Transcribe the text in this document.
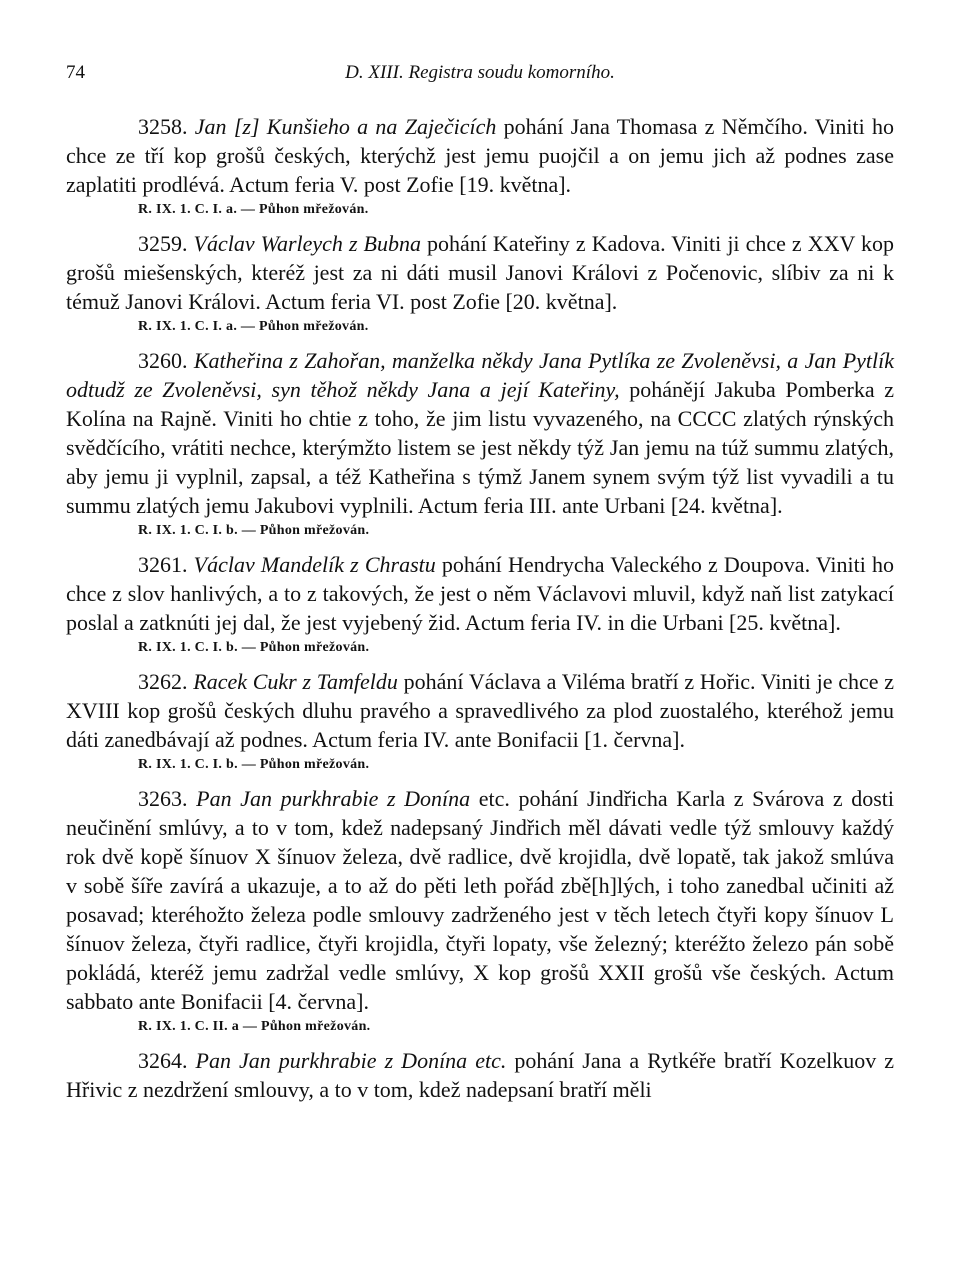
74	D. XIII. Registra soudu komorního.

3258. Jan [z] Kunšieho a na Zaječicích pohání Jana Thomasa z Němčího. Viniti ho chce ze tří kop grošů českých, kterýchž jest jemu puojčil a on jemu jich až podnes zase zaplatiti prodlévá. Actum feria V. post Zofie [19. května].

R. IX. 1. C. I. a. — Půhon mřežován.

3259. Václav Warleych z Bubna pohání Kateřiny z Kadova. Viniti ji chce z XXV kop grošů miešenských, kteréž jest za ni dáti musil Janovi Královi z Počenovic, slíbiv za ni k témuž Janovi Královi. Actum feria VI. post Zofie [20. května].

R. IX. 1. C. I. a. — Půhon mřežován.

3260. Katheřina z Zahořan, manželka někdy Jana Pytlíka ze Zvoleněvsi, a Jan Pytlík odtudž ze Zvoleněvsi, syn těhož někdy Jana a její Kateřiny, pohánějí Jakuba Pomberka z Kolína na Rajně. Viniti ho chtie z toho, že jim listu vyvazeného, na CCCC zlatých rýnských svědčícího, vrátiti nechce, kterýmžto listem se jest někdy týž Jan jemu na túž summu zlatých, aby jemu ji vyplnil, zapsal, a též Katheřina s týmž Janem synem svým týž list vyvadili a tu summu zlatých jemu Jakubovi vyplnili. Actum feria III. ante Urbani [24. května].

R. IX. 1. C. I. b. — Půhon mřežován.

3261. Václav Mandelík z Chrastu pohání Hendrycha Valeckého z Doupova. Viniti ho chce z slov hanlivých, a to z takových, že jest o něm Václavovi mluvil, když naň list zatykací poslal a zatknúti jej dal, že jest vyjebený žid. Actum feria IV. in die Urbani [25. května].

R. IX. 1. C. I. b. — Půhon mřežován.

3262. Racek Cukr z Tamfeldu pohání Václava a Viléma bratří z Hořic. Viniti je chce z XVIII kop grošů českých dluhu pravého a spravedlivého za plod zuostalého, kteréhož jemu dáti zanedbávají až podnes. Actum feria IV. ante Bonifacii [1. června].

R. IX. 1. C. I. b. — Půhon mřežován.

3263. Pan Jan purkhrabie z Donína etc. pohání Jindřicha Karla z Svárova z dosti neučinění smlúvy, a to v tom, kdež nadepsaný Jindřich měl dávati vedle týž smlouvy každý rok dvě kopě šínuov X šínuov železa, dvě radlice, dvě krojidla, dvě lopatě, tak jakož smlúva v sobě šíře zavírá a ukazuje, a to až do pěti leth pořád zbě[h]lých, i toho zanedbal učiniti až posavad; kteréhožto železa podle smlouvy zadrženého jest v těch letech čtyři kopy šínuov L šínuov železa, čtyři radlice, čtyři krojidla, čtyři lopaty, vše železný; kteréžto železo pán sobě pokládá, kteréž jemu zadržal vedle smlúvy, X kop grošů XXII grošů vše českých. Actum sabbato ante Bonifacii [4. června].

R. IX. 1. C. II. a — Půhon mřežován.

3264. Pan Jan purkhrabie z Donína etc. pohání Jana a Rytkéře bratří Kozelkuov z Hřivic z nezdržení smlouvy, a to v tom, kdež nadepsaní bratří měli
